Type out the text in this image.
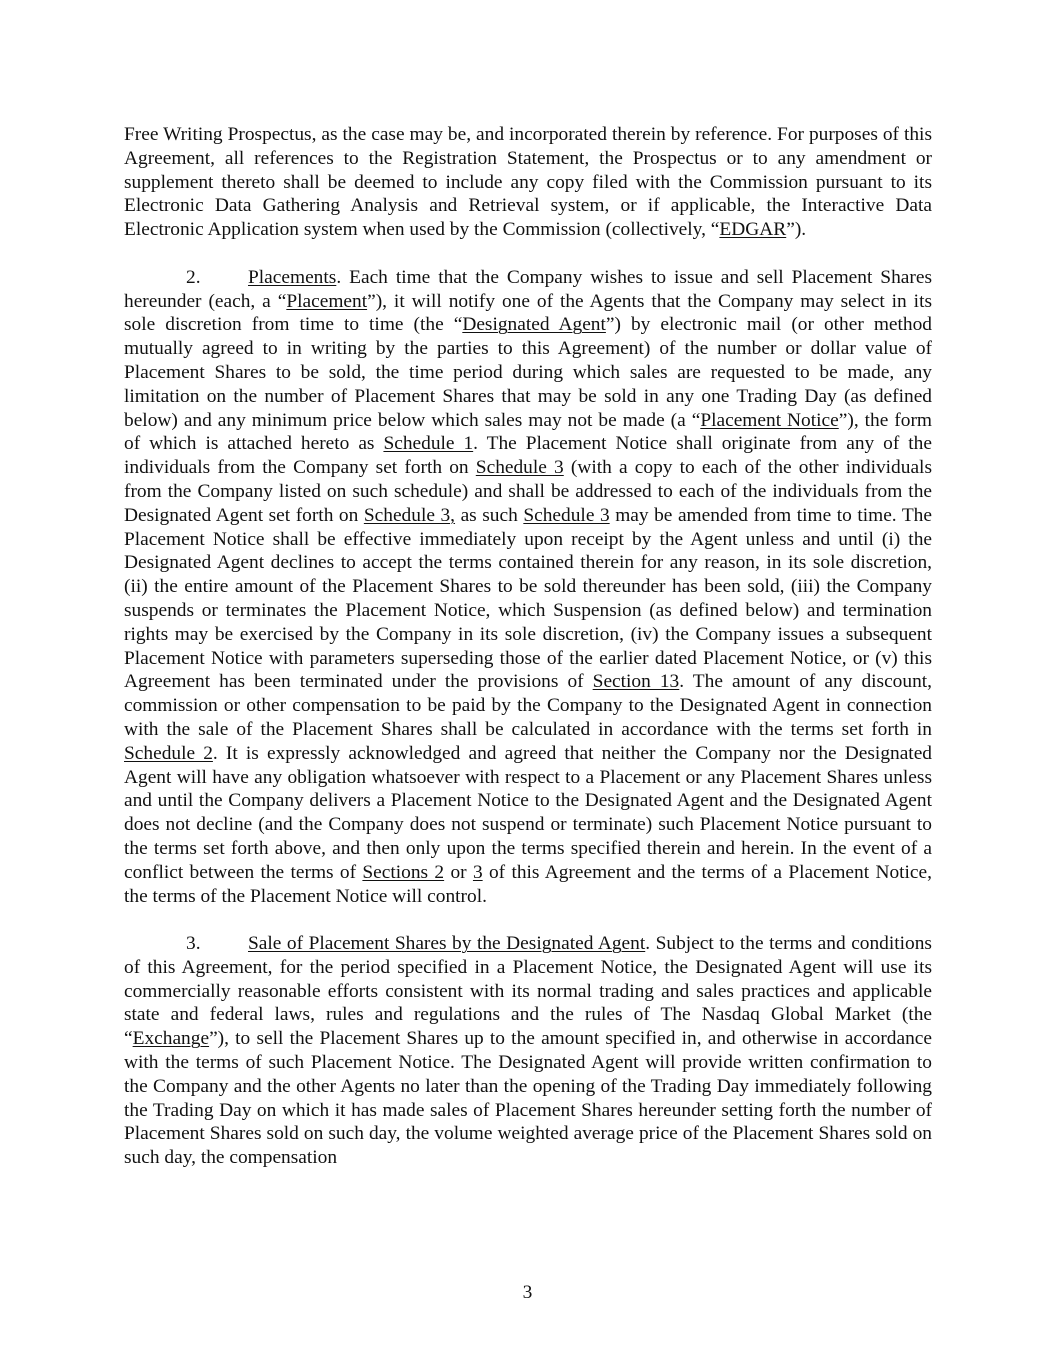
Free Writing Prospectus, as the case may be, and incorporated therein by reference. For purposes of this Agreement, all references to the Registration Statement, the Prospectus or to any amendment or supplement thereto shall be deemed to include any copy filed with the Commission pursuant to its Electronic Data Gathering Analysis and Retrieval system, or if applicable, the Interactive Data Electronic Application system when used by the Commission (collectively, “EDGAR”).

2. Placements. Each time that the Company wishes to issue and sell Placement Shares hereunder (each, a “Placement”), it will notify one of the Agents that the Company may select in its sole discretion from time to time (the “Designated Agent”) by electronic mail (or other method mutually agreed to in writing by the parties to this Agreement) of the number or dollar value of Placement Shares to be sold, the time period during which sales are requested to be made, any limitation on the number of Placement Shares that may be sold in any one Trading Day (as defined below) and any minimum price below which sales may not be made (a “Placement Notice”), the form of which is attached hereto as Schedule 1. The Placement Notice shall originate from any of the individuals from the Company set forth on Schedule 3 (with a copy to each of the other individuals from the Company listed on such schedule) and shall be addressed to each of the individuals from the Designated Agent set forth on Schedule 3, as such Schedule 3 may be amended from time to time. The Placement Notice shall be effective immediately upon receipt by the Agent unless and until (i) the Designated Agent declines to accept the terms contained therein for any reason, in its sole discretion, (ii) the entire amount of the Placement Shares to be sold thereunder has been sold, (iii) the Company suspends or terminates the Placement Notice, which Suspension (as defined below) and termination rights may be exercised by the Company in its sole discretion, (iv) the Company issues a subsequent Placement Notice with parameters superseding those of the earlier dated Placement Notice, or (v) this Agreement has been terminated under the provisions of Section 13. The amount of any discount, commission or other compensation to be paid by the Company to the Designated Agent in connection with the sale of the Placement Shares shall be calculated in accordance with the terms set forth in Schedule 2. It is expressly acknowledged and agreed that neither the Company nor the Designated Agent will have any obligation whatsoever with respect to a Placement or any Placement Shares unless and until the Company delivers a Placement Notice to the Designated Agent and the Designated Agent does not decline (and the Company does not suspend or terminate) such Placement Notice pursuant to the terms set forth above, and then only upon the terms specified therein and herein. In the event of a conflict between the terms of Sections 2 or 3 of this Agreement and the terms of a Placement Notice, the terms of the Placement Notice will control.

3. Sale of Placement Shares by the Designated Agent. Subject to the terms and conditions of this Agreement, for the period specified in a Placement Notice, the Designated Agent will use its commercially reasonable efforts consistent with its normal trading and sales practices and applicable state and federal laws, rules and regulations and the rules of The Nasdaq Global Market (the “Exchange”), to sell the Placement Shares up to the amount specified in, and otherwise in accordance with the terms of such Placement Notice. The Designated Agent will provide written confirmation to the Company and the other Agents no later than the opening of the Trading Day immediately following the Trading Day on which it has made sales of Placement Shares hereunder setting forth the number of Placement Shares sold on such day, the volume weighted average price of the Placement Shares sold on such day, the compensation

3
